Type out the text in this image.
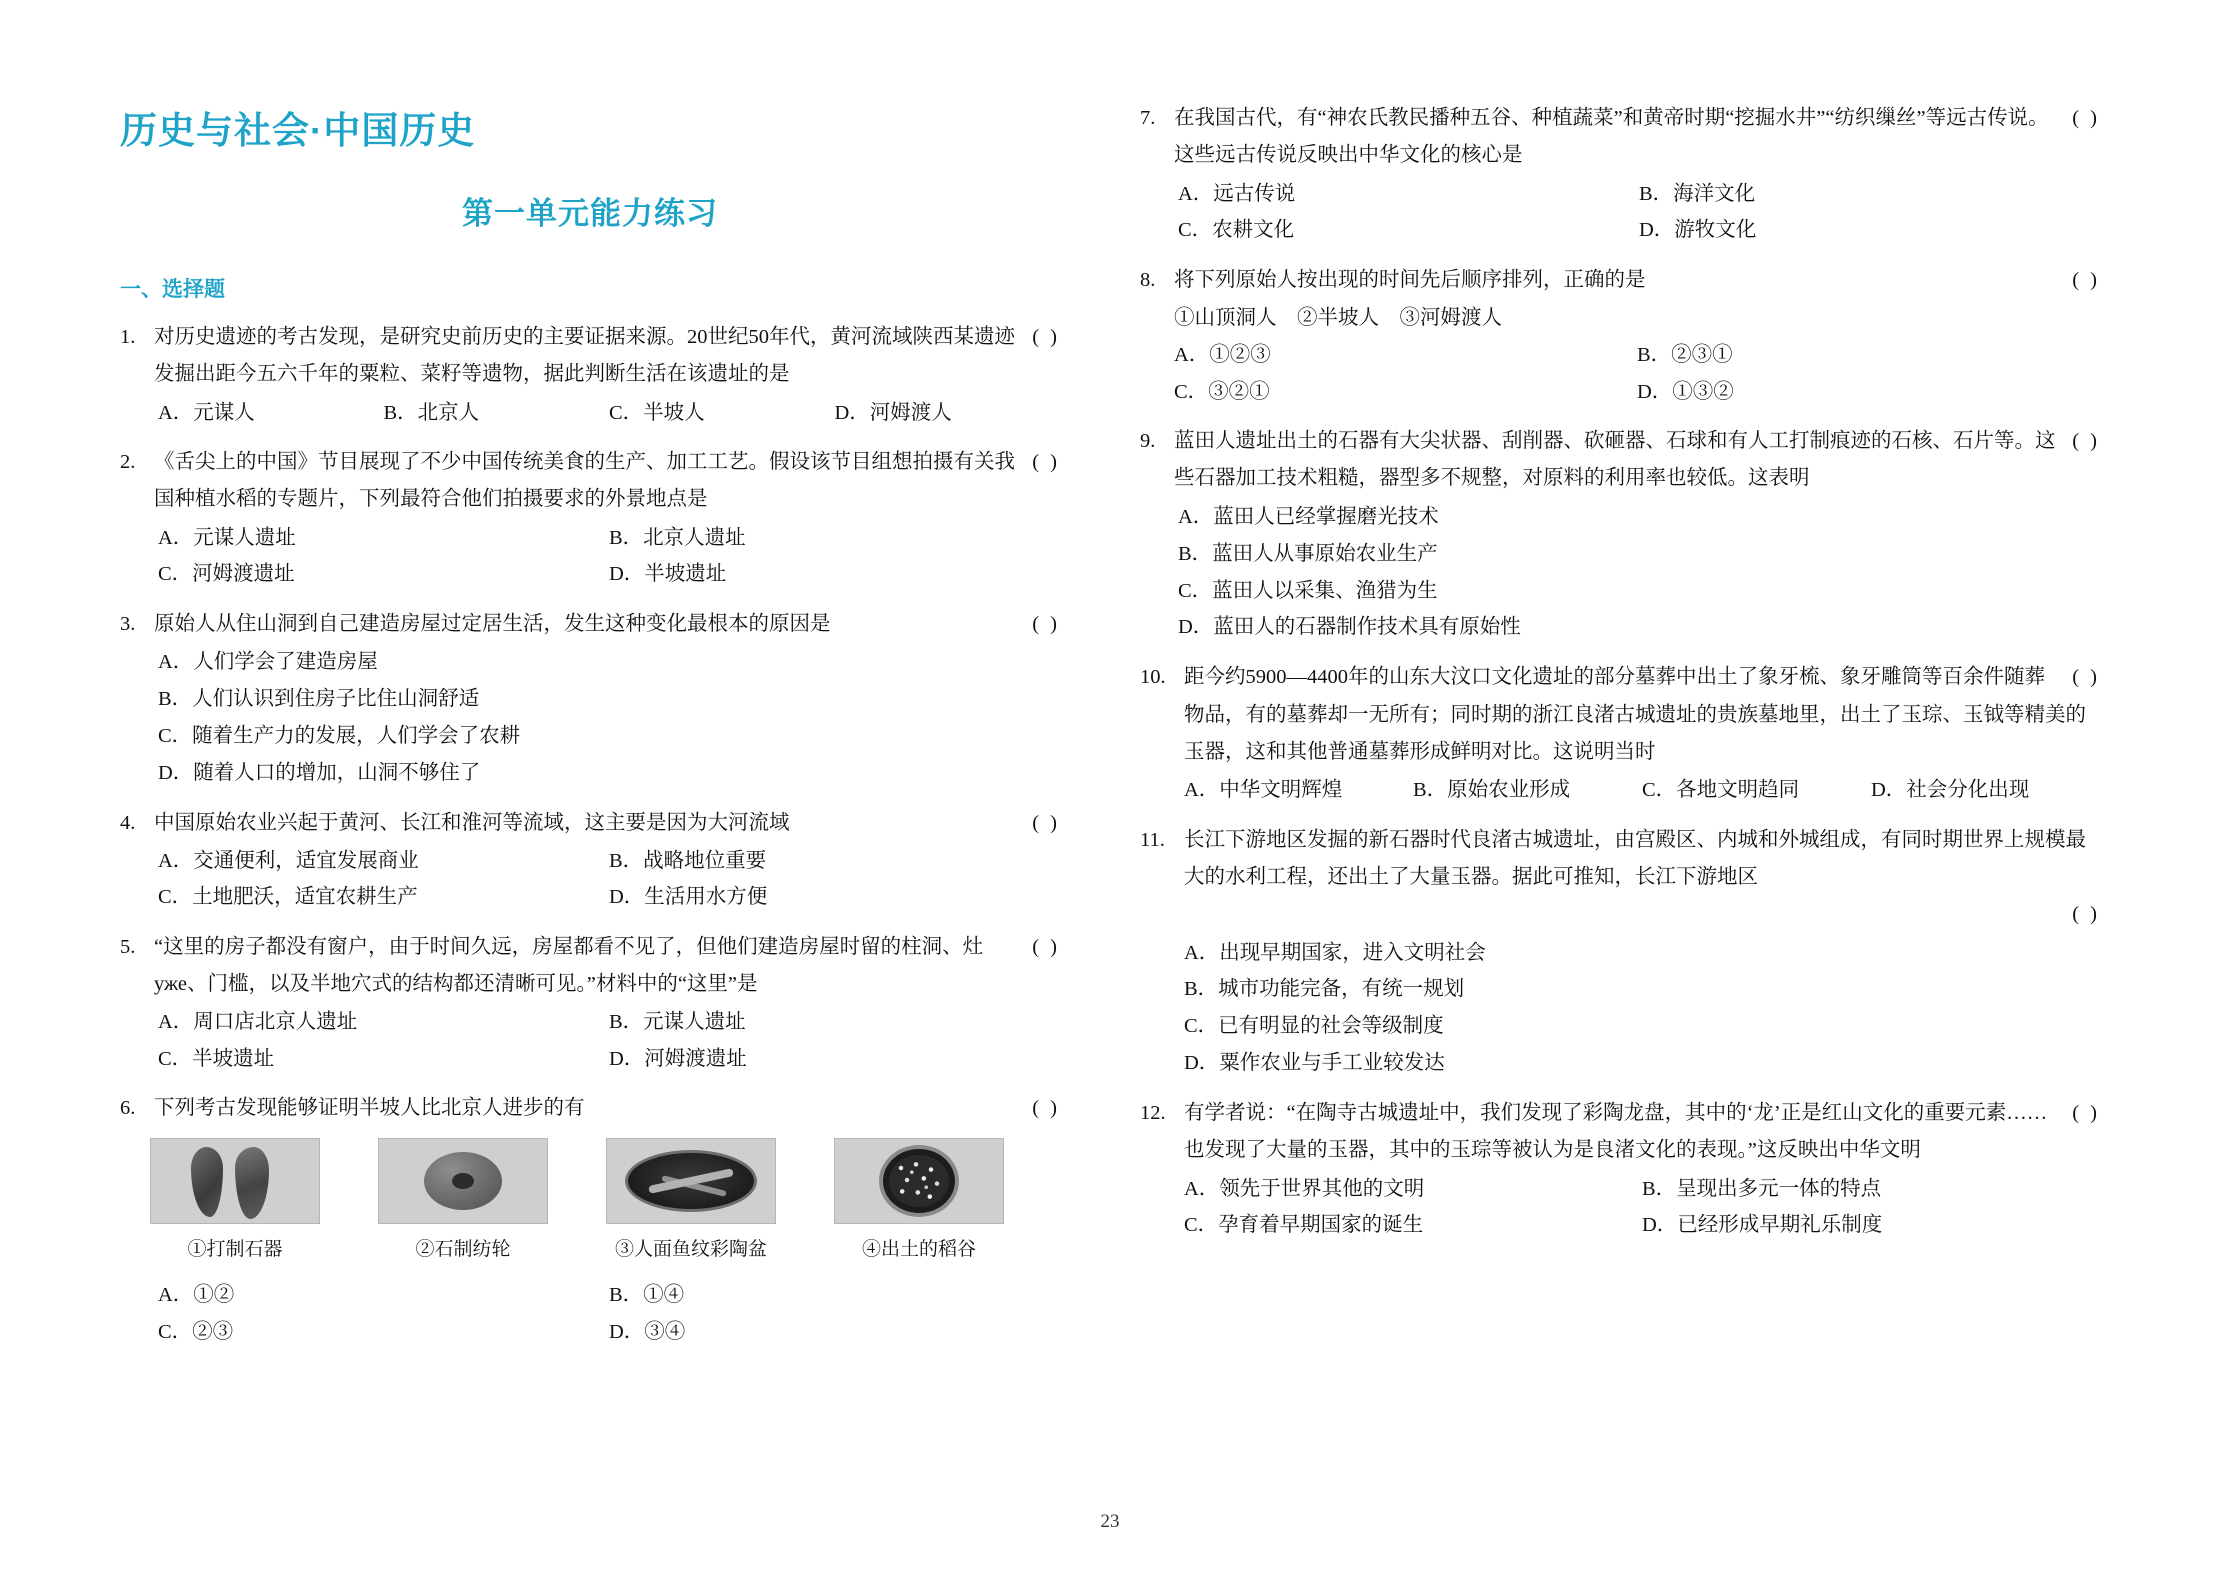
历史与社会·中国历史
第一单元能力练习
一、选择题
1.	( )
对历史遗迹的考古发现，是研究史前历史的主要证据来源。20世纪50年代，黄河流域陕西某遗迹发掘出距今五六千年的粟粒、菜籽等遗物，据此判断生活在该遗址的是
A．元谋人	B．北京人	C．半坡人	D．河姆渡人
2.	( )
《舌尖上的中国》节目展现了不少中国传统美食的生产、加工工艺。假设该节目组想拍摄有关我国种植水稻的专题片，下列最符合他们拍摄要求的外景地点是
A．元谋人遗址	B．北京人遗址
C．河姆渡遗址	D．半坡遗址
3.	( )
原始人从住山洞到自己建造房屋过定居生活，发生这种变化最根本的原因是
A．人们学会了建造房屋
B．人们认识到住房子比住山洞舒适
C．随着生产力的发展，人们学会了农耕
D．随着人口的增加，山洞不够住了
4.	( )
中国原始农业兴起于黄河、长江和淮河等流域，这主要是因为大河流域
A．交通便利，适宜发展商业	B．战略地位重要
C．土地肥沃，适宜农耕生产	D．生活用水方便
5.	( )
“这里的房子都没有窗户，由于时间久远，房屋都看不见了，但他们建造房屋时留的柱洞、灶уже、门槛，以及半地穴式的结构都还清晰可见。”材料中的“这里”是
A．周口店北京人遗址	B．元谋人遗址
C．半坡遗址	D．河姆渡遗址
6.	( )
下列考古发现能够证明半坡人比北京人进步的有
①打制石器	②石制纺轮	③人面鱼纹彩陶盆	④出土的稻谷
A．①②	B．①④
C．②③	D．③④
7.	( )
在我国古代，有“神农氏教民播种五谷、种植蔬菜”和黄帝时期“挖掘水井”“纺织缫丝”等远古传说。这些远古传说反映出中华文化的核心是
A．远古传说	B．海洋文化
C．农耕文化	D．游牧文化
8.	( )
将下列原始人按出现的时间先后顺序排列，正确的是
①山顶洞人　②半坡人　③河姆渡人
A．①②③	B．②③①
C．③②①	D．①③②
9.	( )
蓝田人遗址出土的石器有大尖状器、刮削器、砍砸器、石球和有人工打制痕迹的石核、石片等。这些石器加工技术粗糙，器型多不规整，对原料的利用率也较低。这表明
A．蓝田人已经掌握磨光技术
B．蓝田人从事原始农业生产
C．蓝田人以采集、渔猎为生
D．蓝田人的石器制作技术具有原始性
10.	( )
距今约5900—4400年的山东大汶口文化遗址的部分墓葬中出土了象牙梳、象牙雕筒等百余件随葬物品，有的墓葬却一无所有；同时期的浙江良渚古城遗址的贵族墓地里，出土了玉琮、玉钺等精美的玉器，这和其他普通墓葬形成鲜明对比。这说明当时
A．中华文明辉煌	B．原始农业形成	C．各地文明趋同	D．社会分化出现
11. 长江下游地区发掘的新石器时代良渚古城遗址，由宫殿区、内城和外城组成，有同时期世界上规模最大的水利工程，还出土了大量玉器。据此可推知，长江下游地区
( )
A．出现早期国家，进入文明社会
B．城市功能完备，有统一规划
C．已有明显的社会等级制度
D．粟作农业与手工业较发达
12.	( )
有学者说：“在陶寺古城遗址中，我们发现了彩陶龙盘，其中的‘龙’正是红山文化的重要元素……也发现了大量的玉器，其中的玉琮等被认为是良渚文化的表现。”这反映出中华文明
A．领先于世界其他的文明	B．呈现出多元一体的特点
C．孕育着早期国家的诞生	D．已经形成早期礼乐制度
23
